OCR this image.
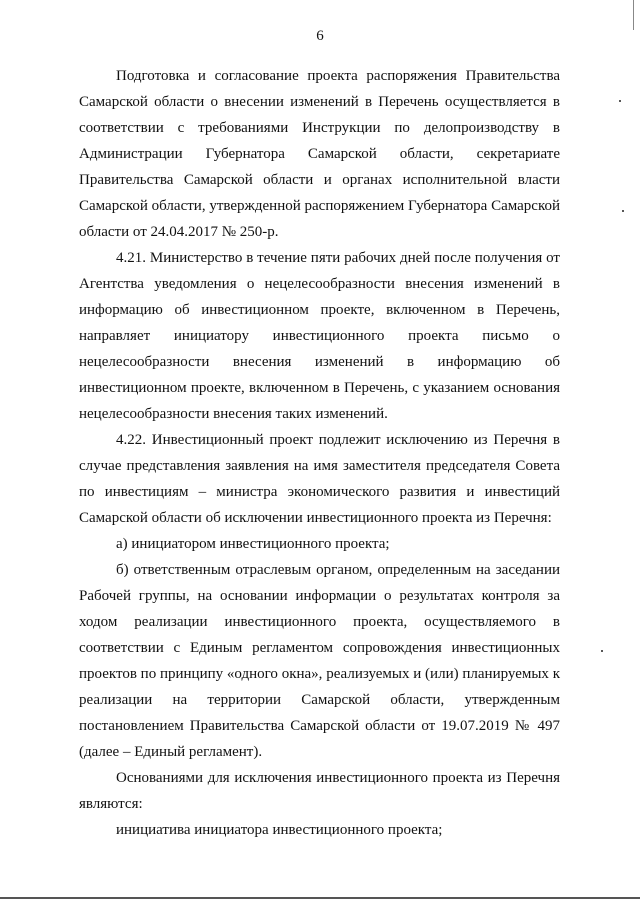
6
Подготовка и согласование проекта распоряжения Правительства
Самарской области о внесении изменений в Перечень осуществляется в
соответствии с требованиями Инструкции по делопроизводству в
Администрации Губернатора Самарской области, секретариате
Правительства Самарской области и органах исполнительной власти
Самарской области, утвержденной распоряжением Губернатора Самарской
области от 24.04.2017 № 250-р.
4.21. Министерство в течение пяти рабочих дней после получения от
Агентства уведомления о нецелесообразности внесения изменений в
информацию об инвестиционном проекте, включенном в Перечень,
направляет инициатору инвестиционного проекта письмо о
нецелесообразности внесения изменений в информацию об
инвестиционном проекте, включенном в Перечень, с указанием основания
нецелесообразности внесения таких изменений.
4.22. Инвестиционный проект подлежит исключению из Перечня в
случае представления заявления на имя заместителя председателя Совета
по инвестициям – министра экономического развития и инвестиций
Самарской области об исключении инвестиционного проекта из Перечня:
а) инициатором инвестиционного проекта;
б) ответственным отраслевым органом, определенным на заседании
Рабочей группы, на основании информации о результатах контроля за
ходом реализации инвестиционного проекта, осуществляемого в
соответствии с Единым регламентом сопровождения инвестиционных
проектов по принципу «одного окна», реализуемых и (или) планируемых к
реализации на территории Самарской области, утвержденным
постановлением Правительства Самарской области от 19.07.2019 № 497
(далее – Единый регламент).
Основаниями для исключения инвестиционного проекта из Перечня
являются:
инициатива инициатора инвестиционного проекта;
